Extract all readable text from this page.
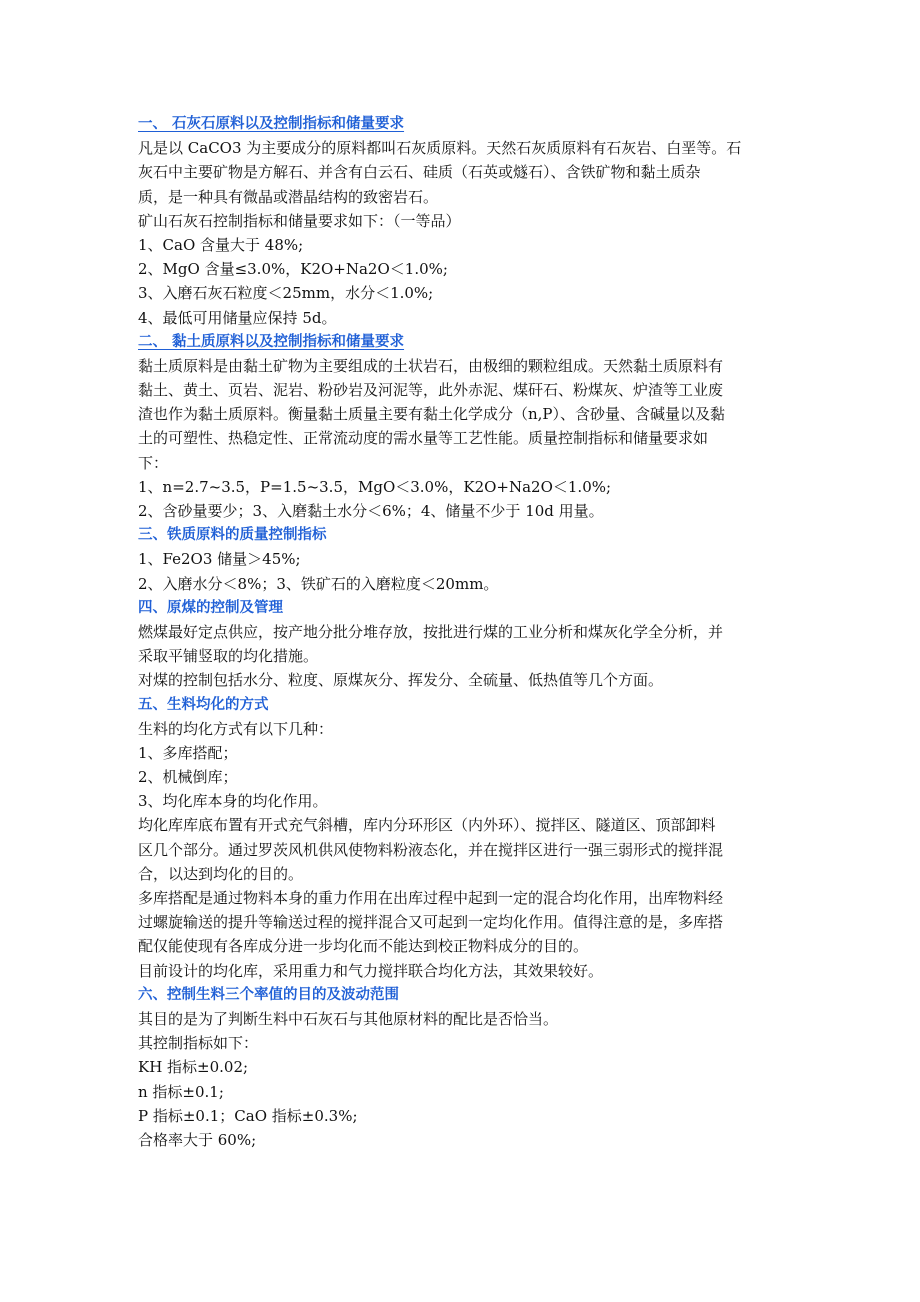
一、 石灰石原料以及控制指标和储量要求
凡是以 CaCO3 为主要成分的原料都叫石灰质原料。天然石灰质原料有石灰岩、白垩等。石
灰石中主要矿物是方解石、并含有白云石、硅质（石英或燧石）、含铁矿物和黏土质杂
质，是一种具有微晶或潜晶结构的致密岩石。
矿山石灰石控制指标和储量要求如下：（一等品）
1、CaO 含量大于 48%;
2、MgO 含量≤3.0%，K2O+Na2O＜1.0%;
3、入磨石灰石粒度＜25mm，水分＜1.0%;
4、最低可用储量应保持 5d。
二、 黏土质原料以及控制指标和储量要求
黏土质原料是由黏土矿物为主要组成的土状岩石，由极细的颗粒组成。天然黏土质原料有
黏土、黄土、页岩、泥岩、粉砂岩及河泥等，此外赤泥、煤矸石、粉煤灰、炉渣等工业废
渣也作为黏土质原料。衡量黏土质量主要有黏土化学成分（n,P）、含砂量、含碱量以及黏
土的可塑性、热稳定性、正常流动度的需水量等工艺性能。质量控制指标和储量要求如
下：
1、n=2.7~3.5，P=1.5~3.5，MgO＜3.0%，K2O+Na2O＜1.0%;
2、含砂量要少；3、入磨黏土水分＜6%；4、储量不少于 10d 用量。
三、铁质原料的质量控制指标
1、Fe2O3 储量＞45%;
2、入磨水分＜8%；3、铁矿石的入磨粒度＜20mm。
四、原煤的控制及管理
燃煤最好定点供应，按产地分批分堆存放，按批进行煤的工业分析和煤灰化学全分析，并
采取平铺竖取的均化措施。
对煤的控制包括水分、粒度、原煤灰分、挥发分、全硫量、低热值等几个方面。
五、生料均化的方式
生料的均化方式有以下几种：
1、多库搭配；
2、机械倒库；
3、均化库本身的均化作用。
均化库库底布置有开式充气斜槽，库内分环形区（内外环）、搅拌区、隧道区、顶部卸料
区几个部分。通过罗茨风机供风使物料粉液态化，并在搅拌区进行一强三弱形式的搅拌混
合，以达到均化的目的。
多库搭配是通过物料本身的重力作用在出库过程中起到一定的混合均化作用，出库物料经
过螺旋输送的提升等输送过程的搅拌混合又可起到一定均化作用。值得注意的是，多库搭
配仅能使现有各库成分进一步均化而不能达到校正物料成分的目的。
目前设计的均化库，采用重力和气力搅拌联合均化方法，其效果较好。
六、控制生料三个率值的目的及波动范围
其目的是为了判断生料中石灰石与其他原材料的配比是否恰当。
其控制指标如下：
KH 指标±0.02;
n 指标±0.1;
P 指标±0.1；CaO 指标±0.3%;
合格率大于 60%;
